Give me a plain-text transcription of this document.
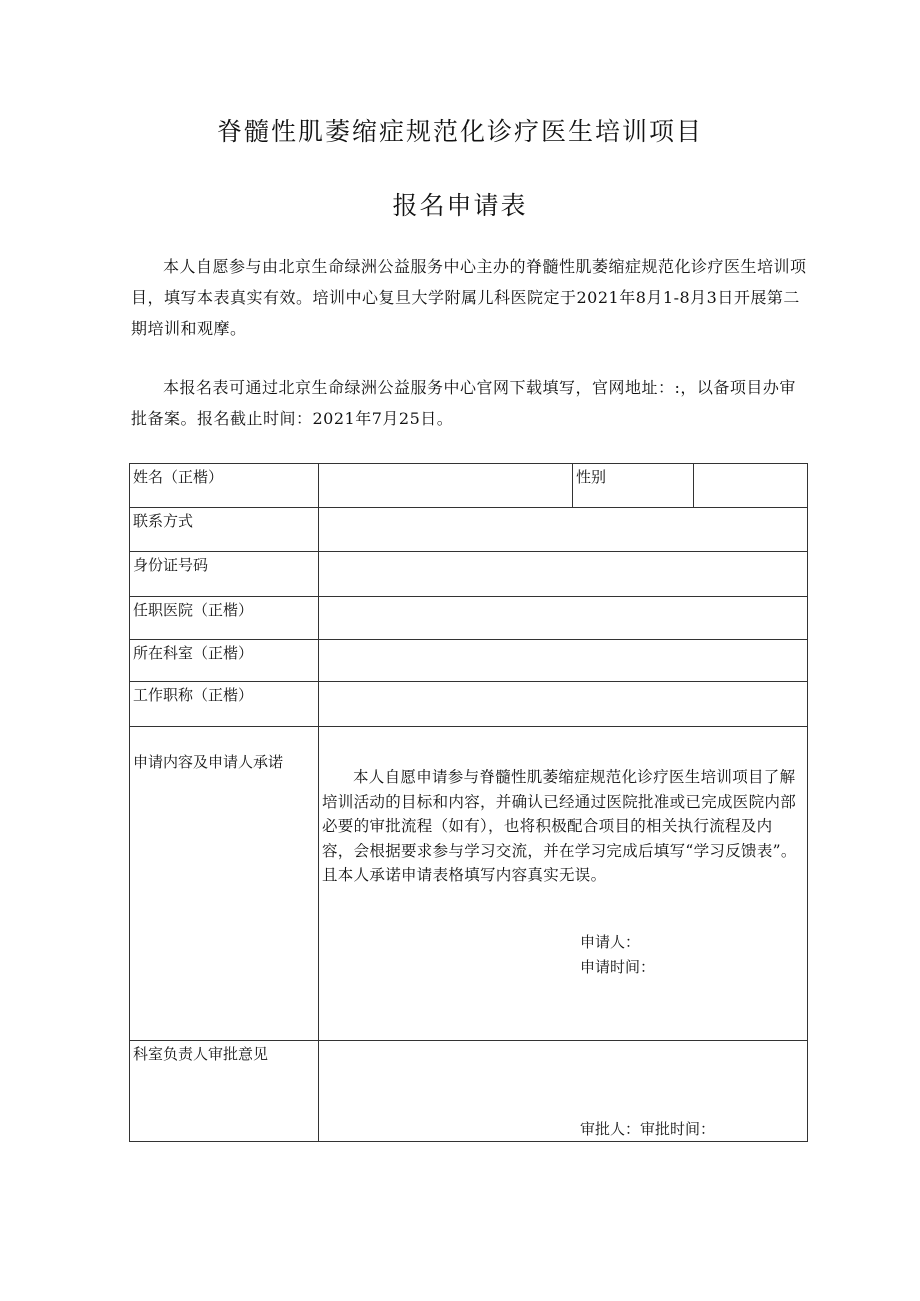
脊髓性肌萎缩症规范化诊疗医生培训项目
报名申请表

本人自愿参与由北京生命绿洲公益服务中心主办的脊髓性肌萎缩症规范化诊疗医生培训项目，填写本表真实有效。培训中心复旦大学附属儿科医院定于2021年8月1-8月3日开展第二期培训和观摩。

本报名表可通过北京生命绿洲公益服务中心官网下载填写，官网地址：:，以备项目办审批备案。报名截止时间：2021年7月25日。

姓名（正楷）		性别	
联系方式			
身份证号码			
任职医院（正楷）			
所在科室（正楷）			
工作职称（正楷）			
申请内容及申请人承诺	本人自愿申请参与脊髓性肌萎缩症规范化诊疗医生培训项目了解培训活动的目标和内容，并确认已经通过医院批准或已完成医院内部必要的审批流程（如有），也将积极配合项目的相关执行流程及内容，会根据要求参与学习交流，并在学习完成后填写“学习反馈表”。且本人承诺申请表格填写内容真实无误。
申请人：
申请时间：		

科室负责人审批意见	审批人：审批时间：		
